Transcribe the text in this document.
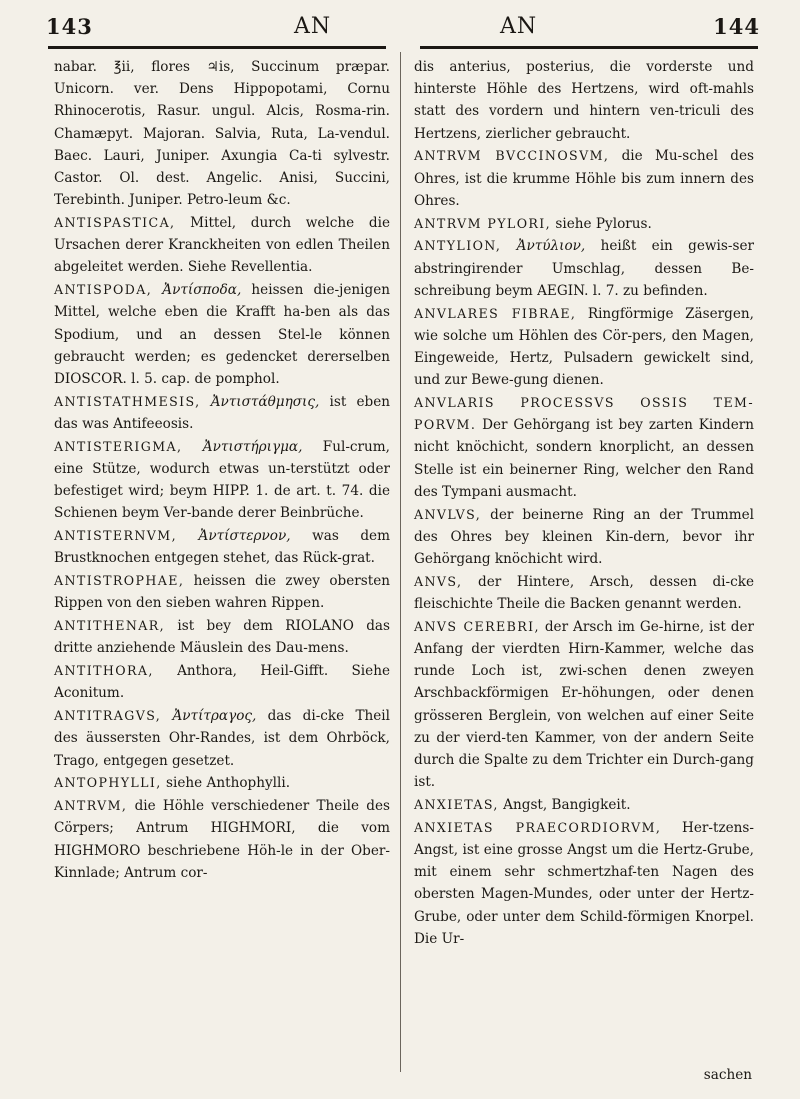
143	AN	AN	144

nabar. ℥ii, flores ♃is, Succinum præpar. Unicorn. ver. Dens Hippopotami, Cornu Rhinocerotis, Rasur. ungul. Alcis, Rosma-rin. Chamæpyt. Majoran. Salvia, Ruta, La-vendul. Baec. Lauri, Juniper. Axungia Ca-ti sylvestr. Castor. Ol. dest. Angelic. Anisi, Succini, Terebinth. Juniper. Petro-leum &c.

ANTISPASTICA, Mittel, durch welche die Ursachen derer Kranckheiten von edlen Theilen abgeleitet werden. Siehe Revellentia.

ANTISPODA, Ἀντίσποδα, heissen die-jenigen Mittel, welche eben die Krafft ha-ben als das Spodium, und an dessen Stel-le können gebraucht werden; es gedencket dererselben DIOSCOR. l. 5. cap. de pomphol.

ANTISTATHMESIS, Ἀντιστάθμησις, ist eben das was Antifeeosis.

ANTISTERIGMA, Ἀντιστήριγμα, Ful-crum, eine Stütze, wodurch etwas un-terstützt oder befestiget wird; beym HIPP. 1. de art. t. 74. die Schienen beym Ver-bande derer Beinbrüche.

ANTISTERNVM, Ἀντίστερνον, was dem Brustknochen entgegen stehet, das Rück-grat.

ANTISTROPHAE, heissen die zwey obersten Rippen von den sieben wahren Rippen.

ANTITHENAR, ist bey dem RIOLANO das dritte anziehende Mäuslein des Dau-mens.

ANTITHORA, Anthora, Heil-Gifft. Siehe Aconitum.

ANTITRAGVS, Ἀντίτραγος, das di-cke Theil des äussersten Ohr-Randes, ist dem Ohrböck, Trago, entgegen gesetzet.

ANTOPHYLLI, siehe Anthophylli.

ANTRVM, die Höhle verschiedener Theile des Cörpers; Antrum HIGHMORI, die vom HIGHMORO beschriebene Höh-le in der Ober-Kinnlade; Antrum cor-

dis anterius, posterius, die vorderste und hinterste Höhle des Hertzens, wird oft-mahls statt des vordern und hintern ven-triculi des Hertzens, zierlicher gebraucht.

ANTRVM BVCCINOSVM, die Mu-schel des Ohres, ist die krumme Höhle bis zum innern des Ohres.

ANTRVM PYLORI, siehe Pylorus.

ANTYLION, Ἀντύλιον, heißt ein gewis-ser abstringirender Umschlag, dessen Be-schreibung beym AEGIN. l. 7. zu befinden.

ANVLARES FIBRAE, Ringförmige Zäsergen, wie solche um Höhlen des Cör-pers, den Magen, Eingeweide, Hertz, Pulsadern gewickelt sind, und zur Bewe-gung dienen.

ANVLARIS PROCESSVS OSSIS TEM-PORVM. Der Gehörgang ist bey zarten Kindern nicht knöchicht, sondern knorplicht, an dessen Stelle ist ein beinerner Ring, welcher den Rand des Tympani ausmacht.

ANVLVS, der beinerne Ring an der Trummel des Ohres bey kleinen Kin-dern, bevor ihr Gehörgang knöchicht wird.

ANVS, der Hintere, Arsch, dessen di-cke fleischichte Theile die Backen genannt werden.

ANVS CEREBRI, der Arsch im Ge-hirne, ist der Anfang der vierdten Hirn-Kammer, welche das runde Loch ist, zwi-schen denen zweyen Arschbackförmigen Er-höhungen, oder denen grösseren Berglein, von welchen auf einer Seite zu der vierd-ten Kammer, von der andern Seite durch die Spalte zu dem Trichter ein Durch-gang ist.

ANXIETAS, Angst, Bangigkeit.

ANXIETAS PRAECORDIORVM, Her-tzens-Angst, ist eine grosse Angst um die Hertz-Grube, mit einem sehr schmertzhaf-ten Nagen des obersten Magen-Mundes, oder unter der Hertz-Grube, oder unter dem Schild-förmigen Knorpel. Die Ur-

sachen
